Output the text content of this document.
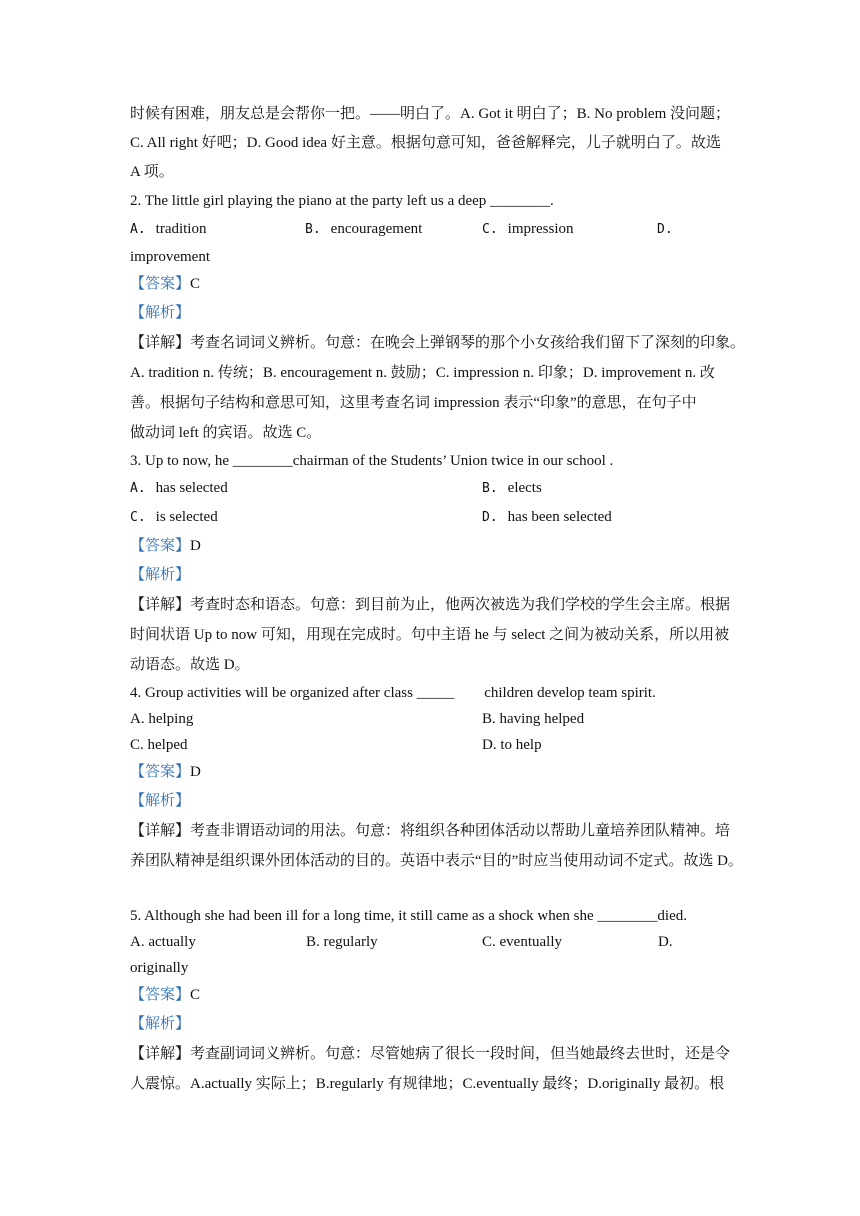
时候有困难，朋友总是会帮你一把。——明白了。A. Got it 明白了；B. No problem 没问题；
C. All right 好吧；D. Good idea 好主意。根据句意可知，爸爸解释完，儿子就明白了。故选
A 项。
2. The little girl playing the piano at the party left us a deep ________.
A. tradition	B. encouragement	C. impression	D.
improvement
【答案】C
【解析】
【详解】考查名词词义辨析。句意：在晚会上弹钢琴的那个小女孩给我们留下了深刻的印象。
A. tradition n. 传统；B. encouragement n. 鼓励；C. impression n. 印象；D. improvement n. 改
善。根据句子结构和意思可知，这里考查名词 impression 表示“印象”的意思，在句子中
做动词 left 的宾语。故选 C。
3. Up to now, he ________chairman of the Students’ Union twice in our school .
A. has selected	B. elects
C. is selected	D. has been selected
【答案】D
【解析】
【详解】考查时态和语态。句意：到目前为止，他两次被选为我们学校的学生会主席。根据
时间状语 Up to now 可知，用现在完成时。句中主语 he 与 select 之间为被动关系，所以用被
动语态。故选 D。
4. Group activities will be organized after class _____ children develop team spirit.
A. helping	B. having helped
C. helped	D. to help
【答案】D
【解析】
【详解】考查非谓语动词的用法。句意：将组织各种团体活动以帮助儿童培养团队精神。培
养团队精神是组织课外团体活动的目的。英语中表示“目的”时应当使用动词不定式。故选 D。
5. Although she had been ill for a long time, it still came as a shock when she ________died.
A. actually	B. regularly	C. eventually	D.
originally
【答案】C
【解析】
【详解】考查副词词义辨析。句意：尽管她病了很长一段时间，但当她最终去世时，还是令
人震惊。A.actually 实际上；B.regularly 有规律地；C.eventually 最终；D.originally 最初。根
